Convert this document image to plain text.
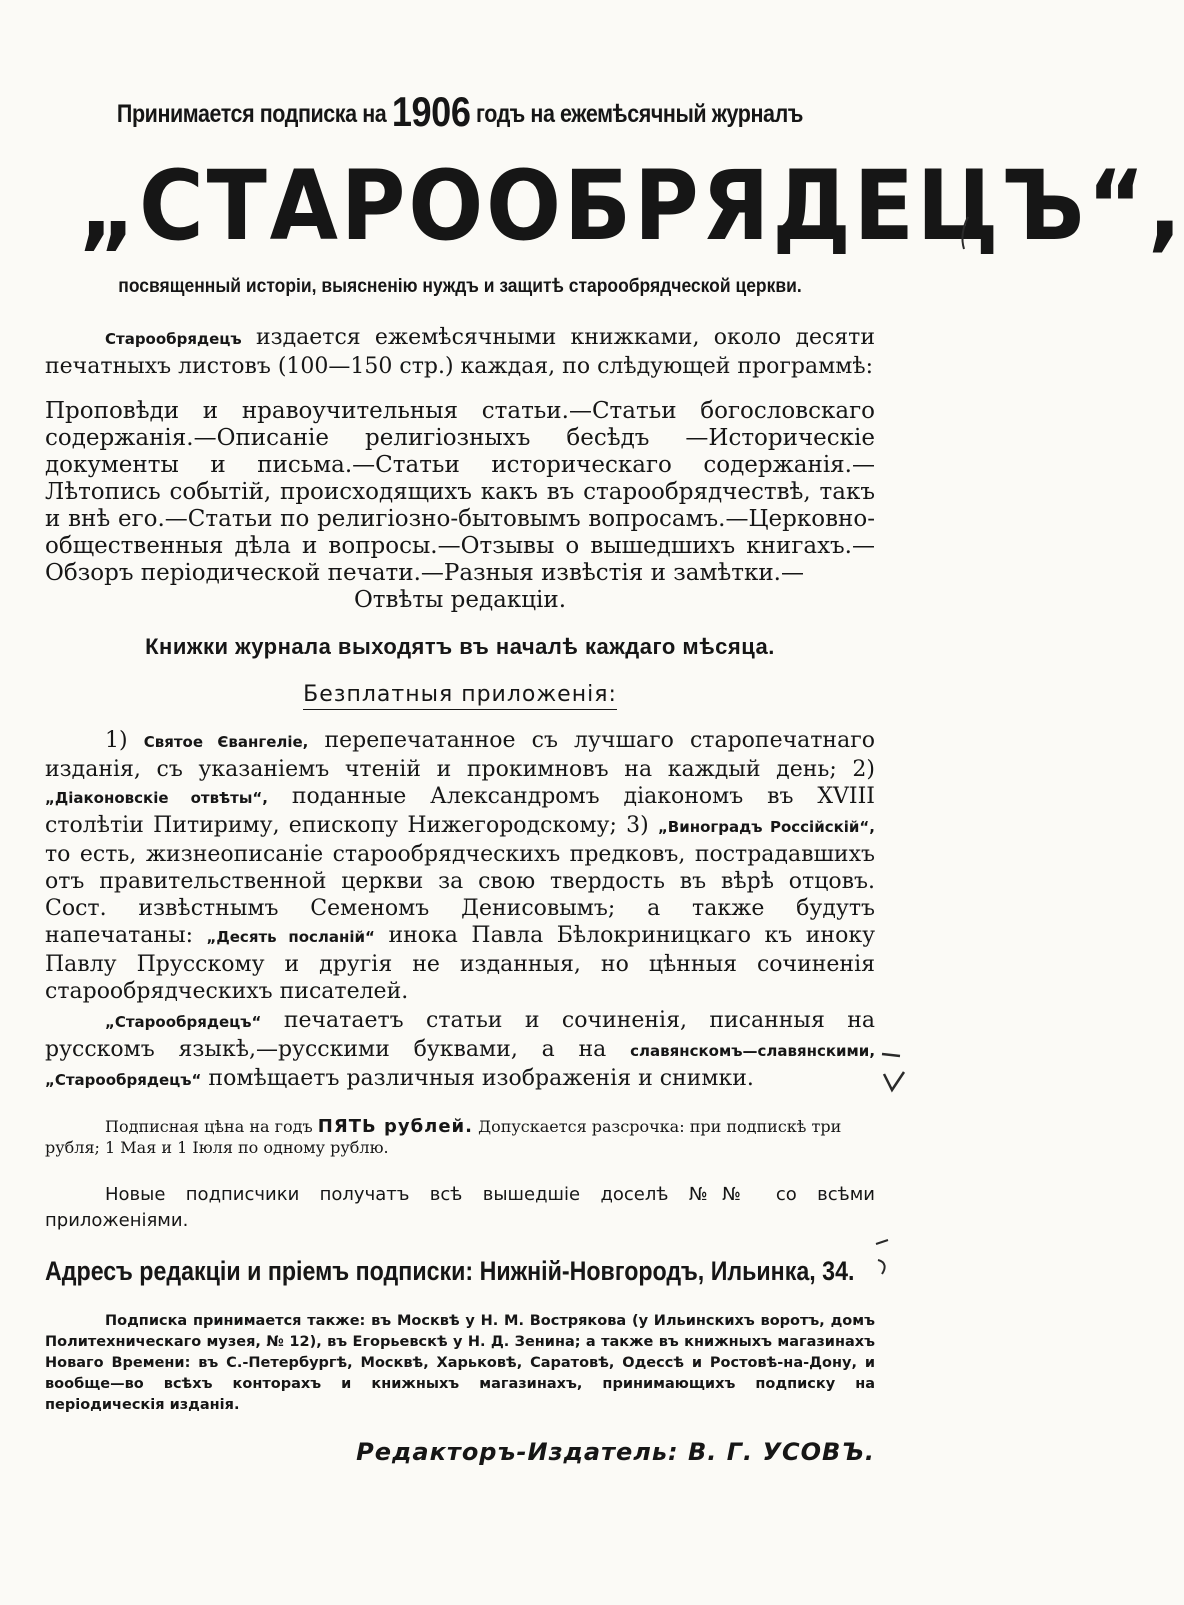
Принимается подписка на 1906 годъ на ежемѣсячный журналъ
„СТАРООБРЯДЕЦЪ“,
посвященный исторіи, выясненію нуждъ и защитѣ старообрядческой церкви.

Старообрядецъ издается ежемѣсячными книжками, около десяти печатныхъ листовъ (100—150 стр.) каждая, по слѣдующей программѣ:

Проповѣди и нравоучительныя статьи.—Статьи богословскаго содержанія.—Описаніе религіозныхъ бесѣдъ —Историческіе документы и письма.—Статьи историческаго содержанія.—Лѣтопись событій, происходящихъ какъ въ старообрядчествѣ, такъ и внѣ его.—Статьи по религіозно-бытовымъ вопросамъ.—Церковно-общественныя дѣла и вопросы.—Отзывы о вышедшихъ книгахъ.—Обзоръ періодической печати.—Разныя извѣстія и замѣтки.—

Отвѣты редакціи.

Книжки журнала выходятъ въ началѣ каждаго мѣсяца.
Безплатныя приложенія:

1) Святое Євангеліе, перепечатанное съ лучшаго старопечатнаго изданія, съ указаніемъ чтеній и прокимновъ на каждый день; 2) „Діаконовскіе отвѣты“, поданные Александромъ діакономъ въ XVIII столѣтіи Питириму, епископу Нижегородскому; 3) „Виноградъ Россійскій“, то есть, жизнеописаніе старообрядческихъ предковъ, пострадавшихъ отъ правительственной церкви за свою твердость въ вѣрѣ отцовъ. Сост. извѣстнымъ Семеномъ Денисовымъ; а также будутъ напечатаны: „Десять посланій“ инока Павла Бѣлокриницкаго къ иноку Павлу Прусскому и другія не изданныя, но цѣнныя сочиненія старообрядческихъ писателей.

„Старообрядецъ“ печатаетъ статьи и сочиненія, писанныя на русскомъ языкѣ,—русскими буквами, а на славянскомъ—славянскими, „Старообрядецъ“ помѣщаетъ различныя изображенія и снимки.

Подписная цѣна на годъ ПЯТЬ рублей. Допускается разсрочка: при подпискѣ три рубля; 1 Мая и 1 Іюля по одному рублю.

Новые подписчики получатъ всѣ вышедшіе доселѣ №№ со всѣми приложеніями.

Адресъ редакціи и пріемъ подписки: Нижній-Новгородъ, Ильинка, 34.

Подписка принимается также: въ Москвѣ у Н. М. Вострякова (у Ильинскихъ воротъ, домъ Политехническаго музея, № 12), въ Егорьевскѣ у Н. Д. Зенина; а также въ книжныхъ магазинахъ Новаго Времени: въ С.-Петербургѣ, Москвѣ, Харьковѣ, Саратовѣ, Одессѣ и Ростовѣ-на-Дону, и вообще—во всѣхъ конторахъ и книжныхъ магазинахъ, принимающихъ подписку на періодическія изданія.

Редакторъ-Издатель: В. Г. УСОВЪ.
